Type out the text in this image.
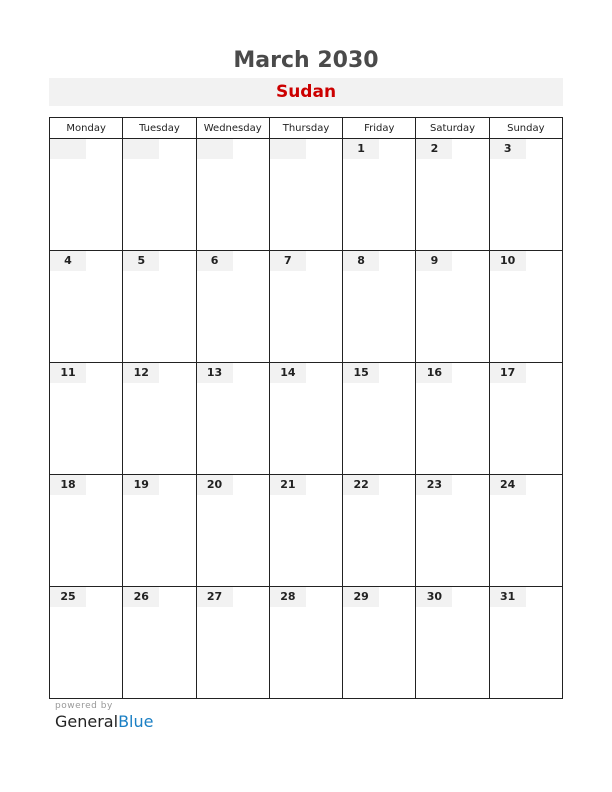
March 2030
Sudan
Monday	Tuesday	Wednesday	Thursday	Friday	Saturday	Sunday

				1	2	3

4	5	6	7	8	9	10

11	12	13	14	15	16	17

18	19	20	21	22	23	24

25	26	27	28	29	30	31
powered by
GeneralBlue
